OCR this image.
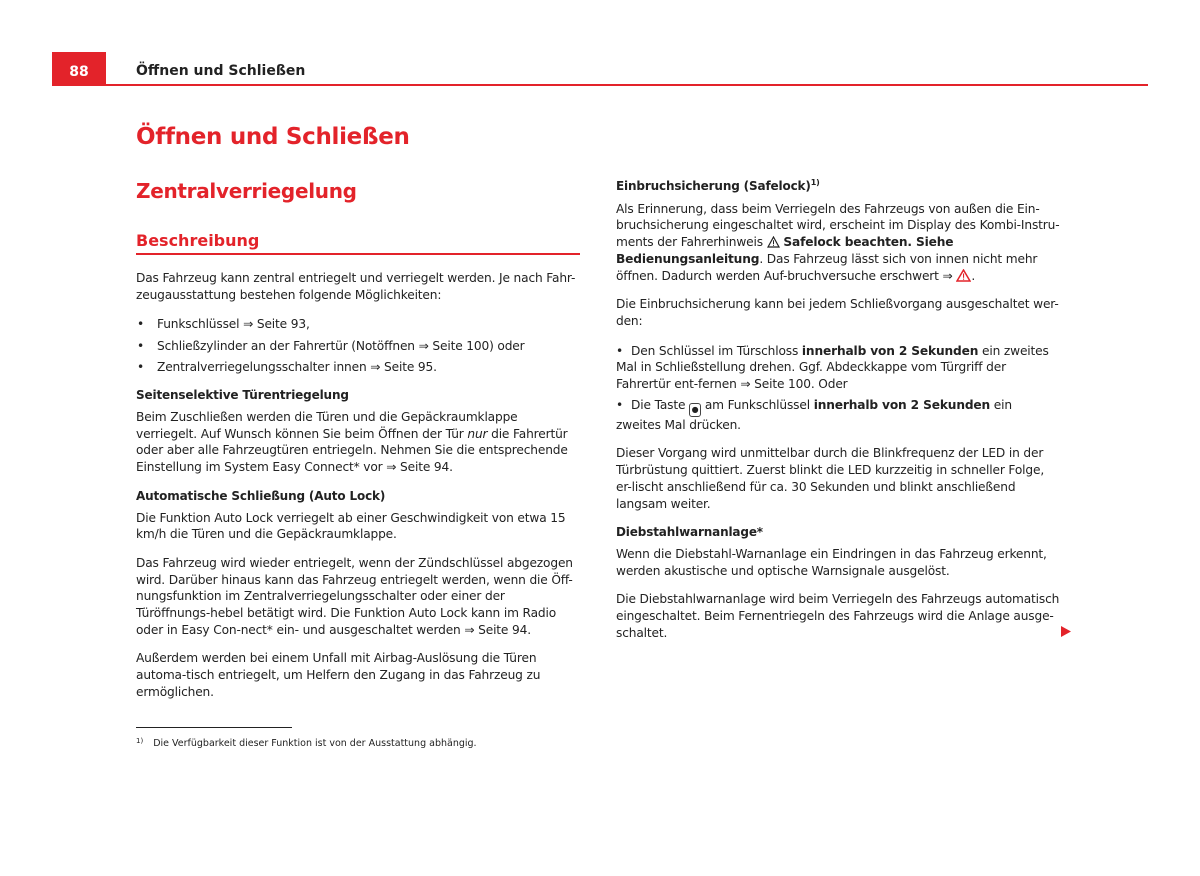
88	Öffnen und Schließen
Öffnen und Schließen
Zentralverriegelung
Beschreibung

Das Fahrzeug kann zentral entriegelt und verriegelt werden. Je nach Fahr-zeugausstattung bestehen folgende Möglichkeiten:

• Funkschlüssel ⇒ Seite 93,
• Schließzylinder an der Fahrertür (Notöffnen ⇒ Seite 100) oder
• Zentralverriegelungsschalter innen ⇒ Seite 95.

Seitenselektive Türentriegelung

Beim Zuschließen werden die Türen und die Gepäckraumklappe verriegelt. Auf Wunsch können Sie beim Öffnen der Tür nur die Fahrertür oder aber alle Fahrzeugtüren entriegeln. Nehmen Sie die entsprechende Einstellung im System Easy Connect* vor ⇒ Seite 94.

Automatische Schließung (Auto Lock)

Die Funktion Auto Lock verriegelt ab einer Geschwindigkeit von etwa 15 km/h die Türen und die Gepäckraumklappe.

Das Fahrzeug wird wieder entriegelt, wenn der Zündschlüssel abgezogen wird. Darüber hinaus kann das Fahrzeug entriegelt werden, wenn die Öff-nungsfunktion im Zentralverriegelungsschalter oder einer der Türöffnungs-hebel betätigt wird. Die Funktion Auto Lock kann im Radio oder in Easy Con-nect* ein- und ausgeschaltet werden ⇒ Seite 94.

Außerdem werden bei einem Unfall mit Airbag-Auslösung die Türen automa-tisch entriegelt, um Helfern den Zugang in das Fahrzeug zu ermöglichen.

Einbruchsicherung (Safelock)$^{1)}$

Als Erinnerung, dass beim Verriegeln des Fahrzeugs von außen die Ein-bruchsicherung eingeschaltet wird, erscheint im Display des Kombi-Instru-ments der Fahrerhinweis  Safelock beachten. Siehe Bedienungsanleitung. Das Fahrzeug lässt sich von innen nicht mehr öffnen. Dadurch werden Auf-bruchversuche erschwert ⇒ .

Die Einbruchsicherung kann bei jedem Schließvorgang ausgeschaltet wer-den:

• Den Schlüssel im Türschloss innerhalb von 2 Sekunden ein zweites Mal in Schließstellung drehen. Ggf. Abdeckkappe vom Türgriff der Fahrertür ent-fernen ⇒ Seite 100. Oder

• Die Taste ● am Funkschlüssel innerhalb von 2 Sekunden ein zweites Mal drücken.

Dieser Vorgang wird unmittelbar durch die Blinkfrequenz der LED in der Türbrüstung quittiert. Zuerst blinkt die LED kurzzeitig in schneller Folge, er-lischt anschließend für ca. 30 Sekunden und blinkt anschließend langsam weiter.

Diebstahlwarnanlage*

Wenn die Diebstahl-Warnanlage ein Eindringen in das Fahrzeug erkennt, werden akustische und optische Warnsignale ausgelöst.

Die Diebstahlwarnanlage wird beim Verriegeln des Fahrzeugs automatisch eingeschaltet. Beim Fernentriegeln des Fahrzeugs wird die Anlage ausge-schaltet.

$^{1)}$ Die Verfügbarkeit dieser Funktion ist von der Ausstattung abhängig.
